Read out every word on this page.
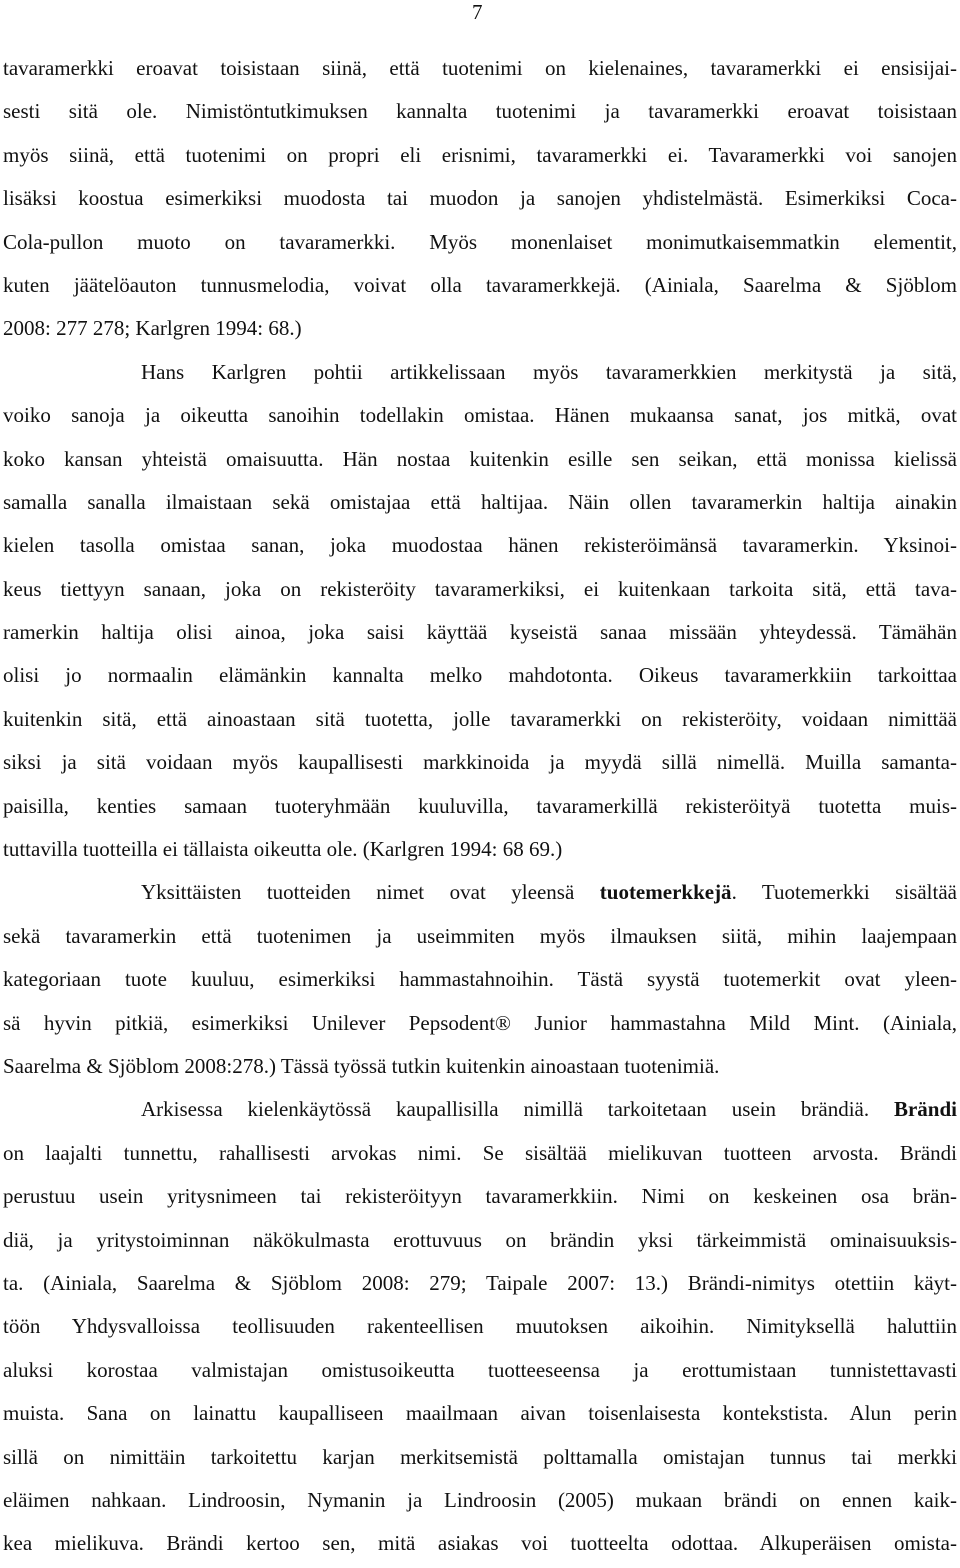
7
tavaramerkki eroavat toisistaan siinä, että tuotenimi on kielenaines, tavaramerkki ei ensisijai-
sesti sitä ole. Nimistöntutkimuksen kannalta tuotenimi ja tavaramerkki eroavat toisistaan
myös siinä, että tuotenimi on propri eli erisnimi, tavaramerkki ei. Tavaramerkki voi sanojen
lisäksi koostua esimerkiksi muodosta tai muodon ja sanojen yhdistelmästä. Esimerkiksi Coca-
Cola-pullon muoto on tavaramerkki. Myös monenlaiset monimutkaisemmatkin elementit,
kuten jäätelöauton tunnusmelodia, voivat olla tavaramerkkejä. (Ainiala, Saarelma & Sjöblom
2008: 277 278; Karlgren 1994: 68.)
Hans Karlgren pohtii artikkelissaan myös tavaramerkkien merkitystä ja sitä,
voiko sanoja ja oikeutta sanoihin todellakin omistaa. Hänen mukaansa sanat, jos mitkä, ovat
koko kansan yhteistä omaisuutta. Hän nostaa kuitenkin esille sen seikan, että monissa kielissä
samalla sanalla ilmaistaan sekä omistajaa että haltijaa. Näin ollen tavaramerkin haltija ainakin
kielen tasolla omistaa sanan, joka muodostaa hänen rekisteröimänsä tavaramerkin. Yksinoi-
keus tiettyyn sanaan, joka on rekisteröity tavaramerkiksi, ei kuitenkaan tarkoita sitä, että tava-
ramerkin haltija olisi ainoa, joka saisi käyttää kyseistä sanaa missään yhteydessä. Tämähän
olisi jo normaalin elämänkin kannalta melko mahdotonta. Oikeus tavaramerkkiin tarkoittaa
kuitenkin sitä, että ainoastaan sitä tuotetta, jolle tavaramerkki on rekisteröity, voidaan nimittää
siksi ja sitä voidaan myös kaupallisesti markkinoida ja myydä sillä nimellä. Muilla samanta-
paisilla, kenties samaan tuoteryhmään kuuluvilla, tavaramerkillä rekisteröityä tuotetta muis-
tuttavilla tuotteilla ei tällaista oikeutta ole. (Karlgren 1994: 68 69.)
Yksittäisten tuotteiden nimet ovat yleensä tuotemerkkejä. Tuotemerkki sisältää
sekä tavaramerkin että tuotenimen ja useimmiten myös ilmauksen siitä, mihin laajempaan
kategoriaan tuote kuuluu, esimerkiksi hammastahnoihin. Tästä syystä tuotemerkit ovat yleen-
sä hyvin pitkiä, esimerkiksi Unilever Pepsodent® Junior hammastahna Mild Mint. (Ainiala,
Saarelma & Sjöblom 2008:278.) Tässä työssä tutkin kuitenkin ainoastaan tuotenimiä.
Arkisessa kielenkäytössä kaupallisilla nimillä tarkoitetaan usein brändiä. Brändi
on laajalti tunnettu, rahallisesti arvokas nimi. Se sisältää mielikuvan tuotteen arvosta. Brändi
perustuu usein yritysnimeen tai rekisteröityyn tavaramerkkiin. Nimi on keskeinen osa brän-
diä, ja yritystoiminnan näkökulmasta erottuvuus on brändin yksi tärkeimmistä ominaisuuksis-
ta. (Ainiala, Saarelma & Sjöblom 2008: 279; Taipale 2007: 13.) Brändi-nimitys otettiin käyt-
töön Yhdysvalloissa teollisuuden rakenteellisen muutoksen aikoihin. Nimityksellä haluttiin
aluksi korostaa valmistajan omistusoikeutta tuotteeseensa ja erottumistaan tunnistettavasti
muista. Sana on lainattu kaupalliseen maailmaan aivan toisenlaisesta kontekstista. Alun perin
sillä on nimittäin tarkoitettu karjan merkitsemistä polttamalla omistajan tunnus tai merkki
eläimen nahkaan. Lindroosin, Nymanin ja Lindroosin (2005) mukaan brändi on ennen kaik-
kea mielikuva. Brändi kertoo sen, mitä asiakas voi tuotteelta odottaa. Alkuperäisen omista-
